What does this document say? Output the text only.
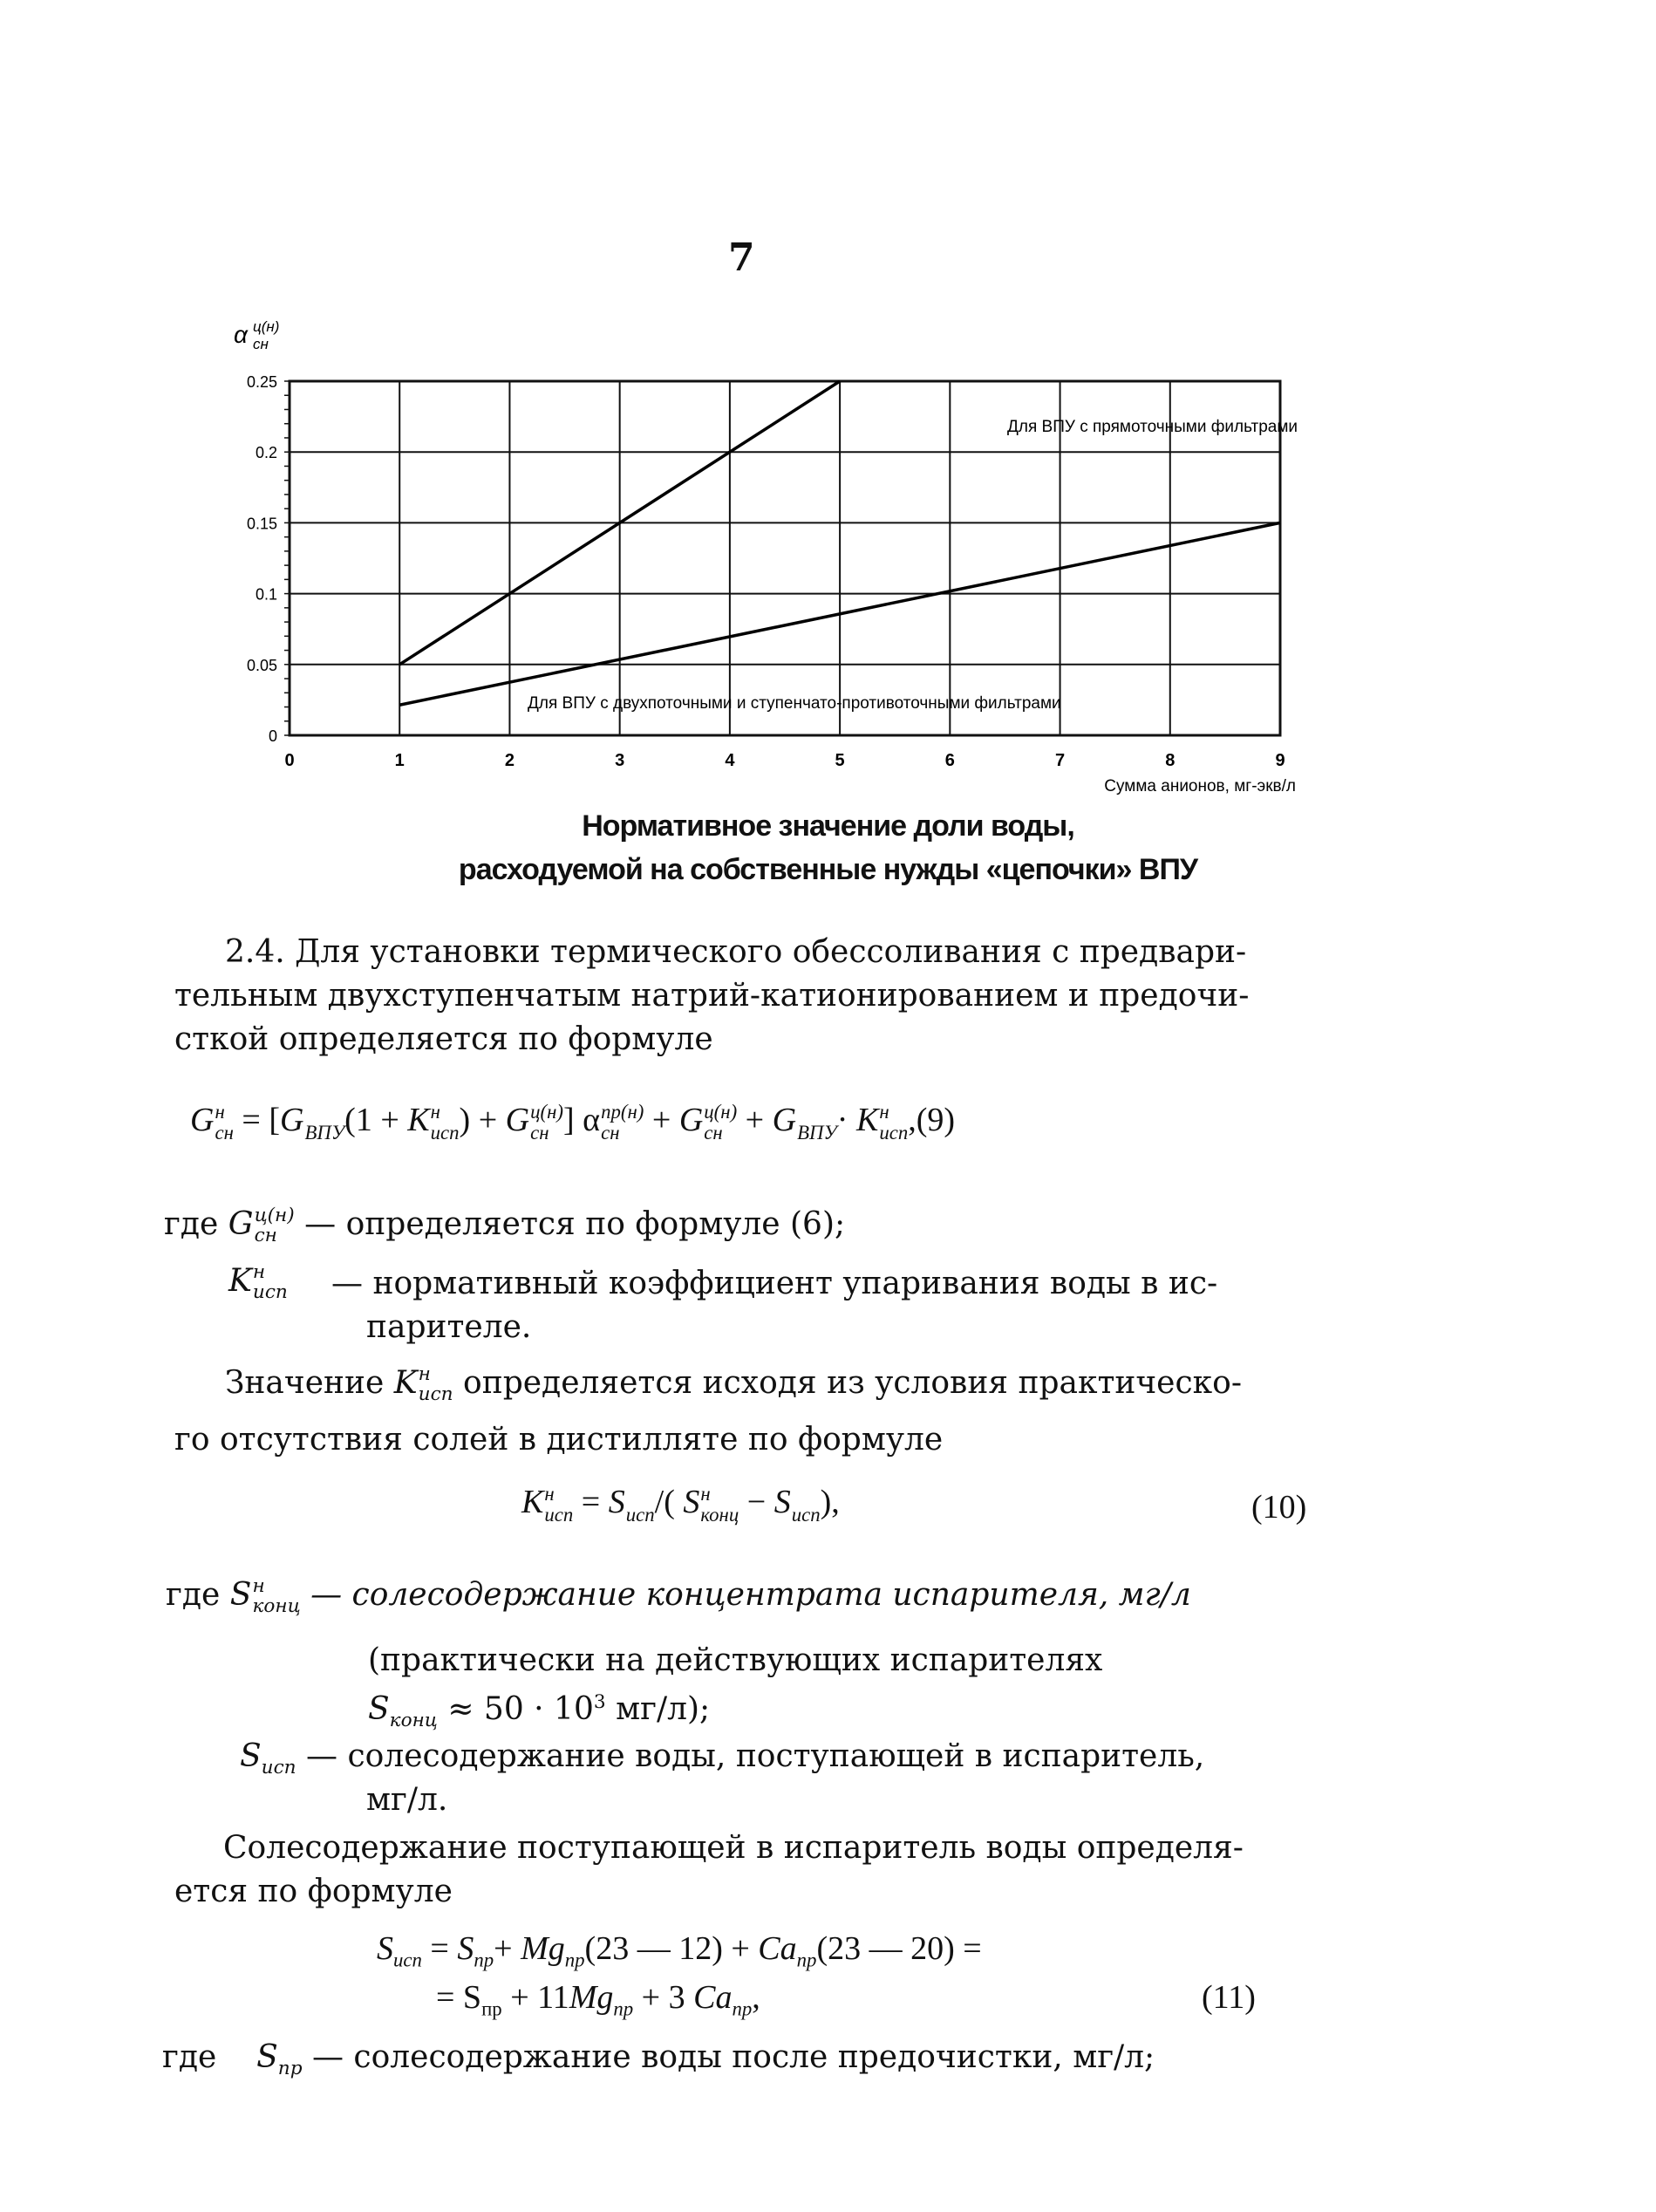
7
α ц(н)
сн
0	1	2	3	4	5	6	7	8	9
0
0.05
0.1
0.15
0.2
0.25
Для ВПУ с прямоточными фильтрами
Для ВПУ с двухпоточными и ступенчато-противоточными фильтрами
Сумма анионов, мг-экв/л
Нормативное значение доли воды,
расходуемой на собственные нужды «цепочки» ВПУ
2.4. Для установки термического обессоливания с предвари-
тельным двухступенчатым натрий-катионированием и предочи-
сткой определяется по формуле
G н
сн = [G
ВПУ (1 + K н
исп ) + G ц(н)
сн ] α пр(н)
сн + G ц(н)
сн + G
ВПУ · K н
исп ,(9)
где G ц(н)
сн — определяется по формуле (6);
K н
исп — нормативный коэффициент упаривания воды в ис-
парителе.
Значение K н
исп определяется исходя из условия практическо-
го отсутствия солей в дистилляте по формуле
K н
исп = S
исп /( S н
конц − S
исп ),	(10)
где S н
конц — солесодержание концентрата испарителя, мг/л
(практически на действующих испарителях
$S_{конц} \approx 50 \cdot 10^3$ мг/л);
$S_{исп}$ — солесодержание воды, поступающей в испаритель,
мг/л.
Солесодержание поступающей в испаритель воды определя-
ется по формуле
$S_{исп} = S_{пр}+ Mg_{пр}(23$ — $12) + Ca_{пр}(23$ — 20) =
= $S_{пр} + 11Mg_{пр} + 3$ $Ca_{пр}$,	(11)
где $S_{пр}$ — солесодержание воды после предочистки, мг/л;
